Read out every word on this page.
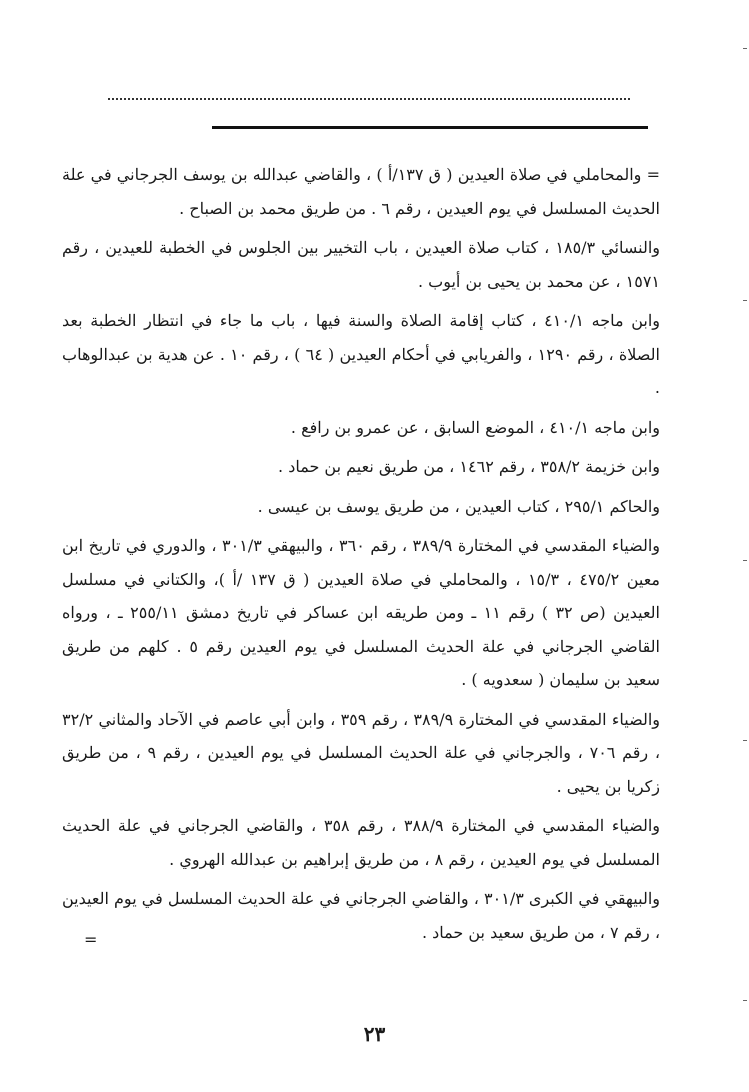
= والمحاملي في صلاة العيدين ( ق ١٣٧/أ ) ، والقاضي عبدالله بن يوسف الجرجاني في علة الحديث المسلسل في يوم العيدين ، رقم ٦ . من طريق محمد بن الصباح .

والنسائي ١٨٥/٣ ، كتاب صلاة العيدين ، باب التخيير بين الجلوس في الخطبة للعيدين ، رقم ١٥٧١ ، عن محمد بن يحيى بن أيوب .

وابن ماجه ٤١٠/١ ، كتاب إقامة الصلاة والسنة فيها ، باب ما جاء في انتظار الخطبة بعد الصلاة ، رقم ١٢٩٠ ، والفريابي في أحكام العيدين ( ٦٤ ) ، رقم ١٠ . عن هدية بن عبدالوهاب .

وابن ماجه ٤١٠/١ ، الموضع السابق ، عن عمرو بن رافع .

وابن خزيمة ٣٥٨/٢ ، رقم ١٤٦٢ ، من طريق نعيم بن حماد .

والحاكم ٢٩٥/١ ، كتاب العيدين ، من طريق يوسف بن عيسى .

والضياء المقدسي في المختارة ٣٨٩/٩ ، رقم ٣٦٠ ، والبيهقي ٣٠١/٣ ، والدوري في تاريخ ابن معين ٤٧٥/٢ ، ١٥/٣ ، والمحاملي في صلاة العيدين ( ق ١٣٧ /أ )، والكتاني في مسلسل العيدين (ص ٣٢ ) رقم ١١ ـ ومن طريقه ابن عساكر في تاريخ دمشق ٢٥٥/١١ ـ ، ورواه القاضي الجرجاني في علة الحديث المسلسل في يوم العيدين رقم ٥ . كلهم من طريق سعيد بن سليمان ( سعدويه ) .

والضياء المقدسي في المختارة ٣٨٩/٩ ، رقم ٣٥٩ ، وابن أبي عاصم في الآحاد والمثاني ٣٢/٢ ، رقم ٧٠٦ ، والجرجاني في علة الحديث المسلسل في يوم العيدين ، رقم ٩ ، من طريق زكريا بن يحيى .

والضياء المقدسي في المختارة ٣٨٨/٩ ، رقم ٣٥٨ ، والقاضي الجرجاني في علة الحديث المسلسل في يوم العيدين ، رقم ٨ ، من طريق إبراهيم بن عبدالله الهروي .

والبيهقي في الكبرى ٣٠١/٣ ، والقاضي الجرجاني في علة الحديث المسلسل في يوم العيدين ، رقم ٧ ، من طريق سعيد بن حماد .

=
٢٣
